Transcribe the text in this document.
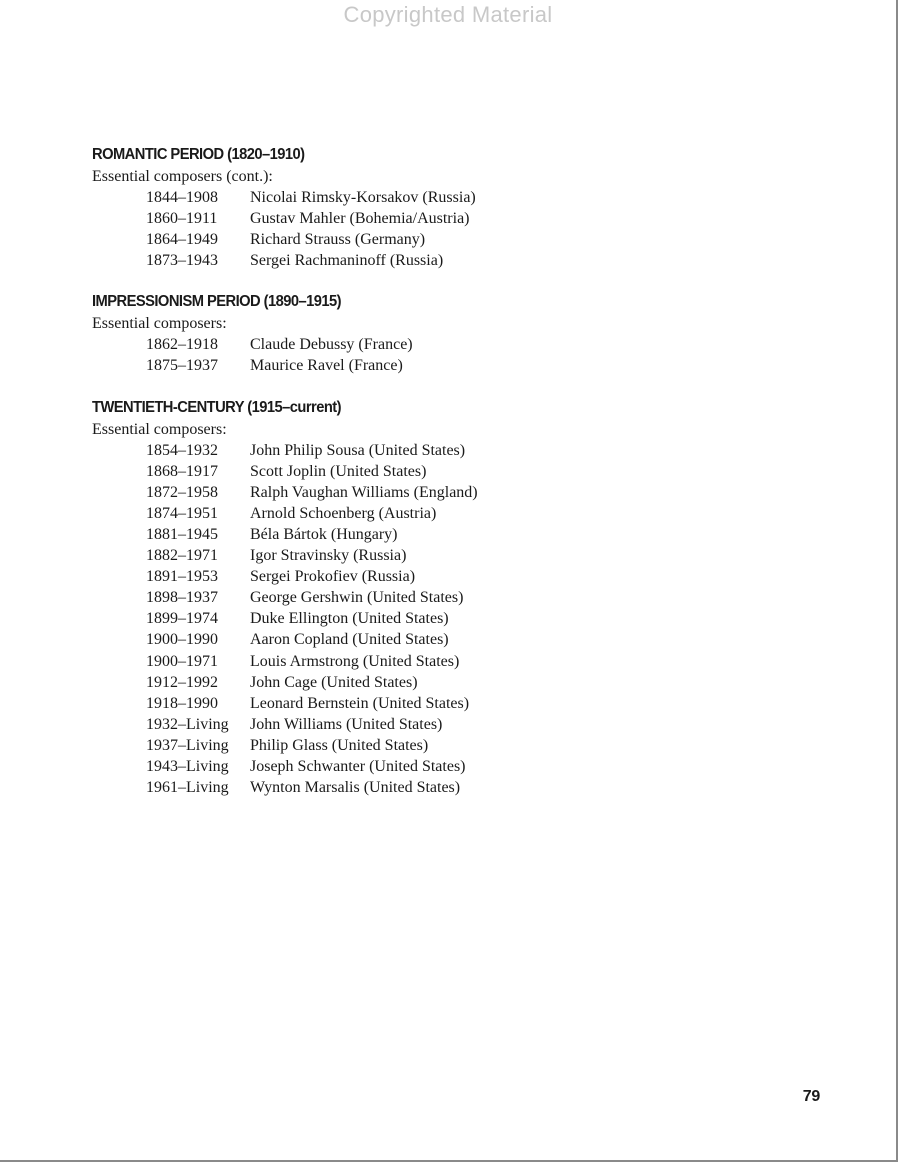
Copyrighted Material
ROMANTIC PERIOD (1820–1910)
Essential composers (cont.):
1844–1908 Nicolai Rimsky-Korsakov (Russia)
1860–1911 Gustav Mahler (Bohemia/Austria)
1864–1949 Richard Strauss (Germany)
1873–1943 Sergei Rachmaninoff (Russia)
IMPRESSIONISM PERIOD (1890–1915)
Essential composers:
1862–1918 Claude Debussy (France)
1875–1937 Maurice Ravel (France)
TWENTIETH-CENTURY (1915–current)
Essential composers:
1854–1932 John Philip Sousa (United States)
1868–1917 Scott Joplin (United States)
1872–1958 Ralph Vaughan Williams (England)
1874–1951 Arnold Schoenberg (Austria)
1881–1945 Béla Bártok (Hungary)
1882–1971 Igor Stravinsky (Russia)
1891–1953 Sergei Prokofiev (Russia)
1898–1937 George Gershwin (United States)
1899–1974 Duke Ellington (United States)
1900–1990 Aaron Copland (United States)
1900–1971 Louis Armstrong (United States)
1912–1992 John Cage (United States)
1918–1990 Leonard Bernstein (United States)
1932–Living John Williams (United States)
1937–Living Philip Glass (United States)
1943–Living Joseph Schwanter (United States)
1961–Living Wynton Marsalis (United States)
79
